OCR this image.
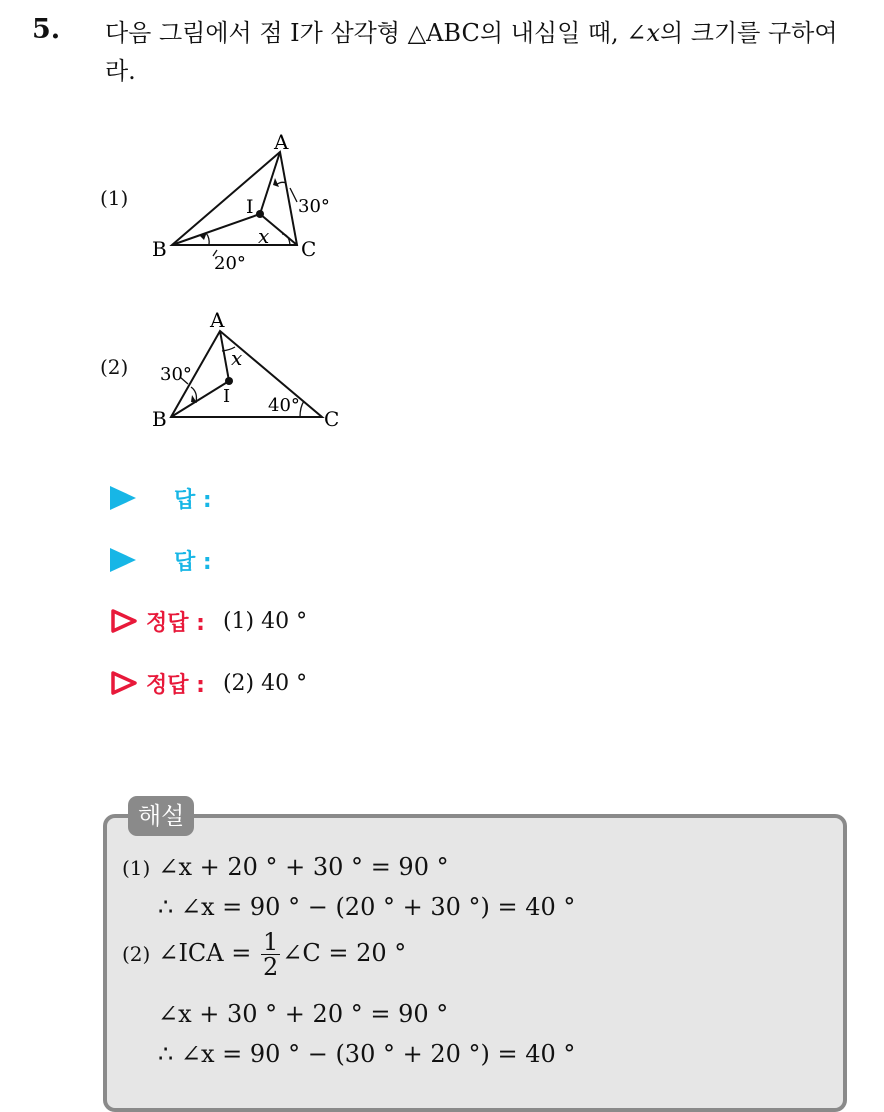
5. 다음 그림에서 점 I가 삼각형 △ABC의 내심일 때, ∠x의 크기를 구하여라.
(1)
A
B	C
I 30°
20°
x
(2)
A
B	C
I
30°
40°
x
답 :
답 :
정답 : (1) 40 °
정답 : (2) 40 °
해설
(1) ∠x + 20 ° + 30 ° = 90 °
∴ ∠x = 90 ° − (20 ° + 30 °) = 40 °
(2) ∠ICA = $\frac{1}{2}$ ∠C = 20 °
∠x + 30 ° + 20 ° = 90 °
∴ ∠x = 90 ° − (30 ° + 20 °) = 40 °
